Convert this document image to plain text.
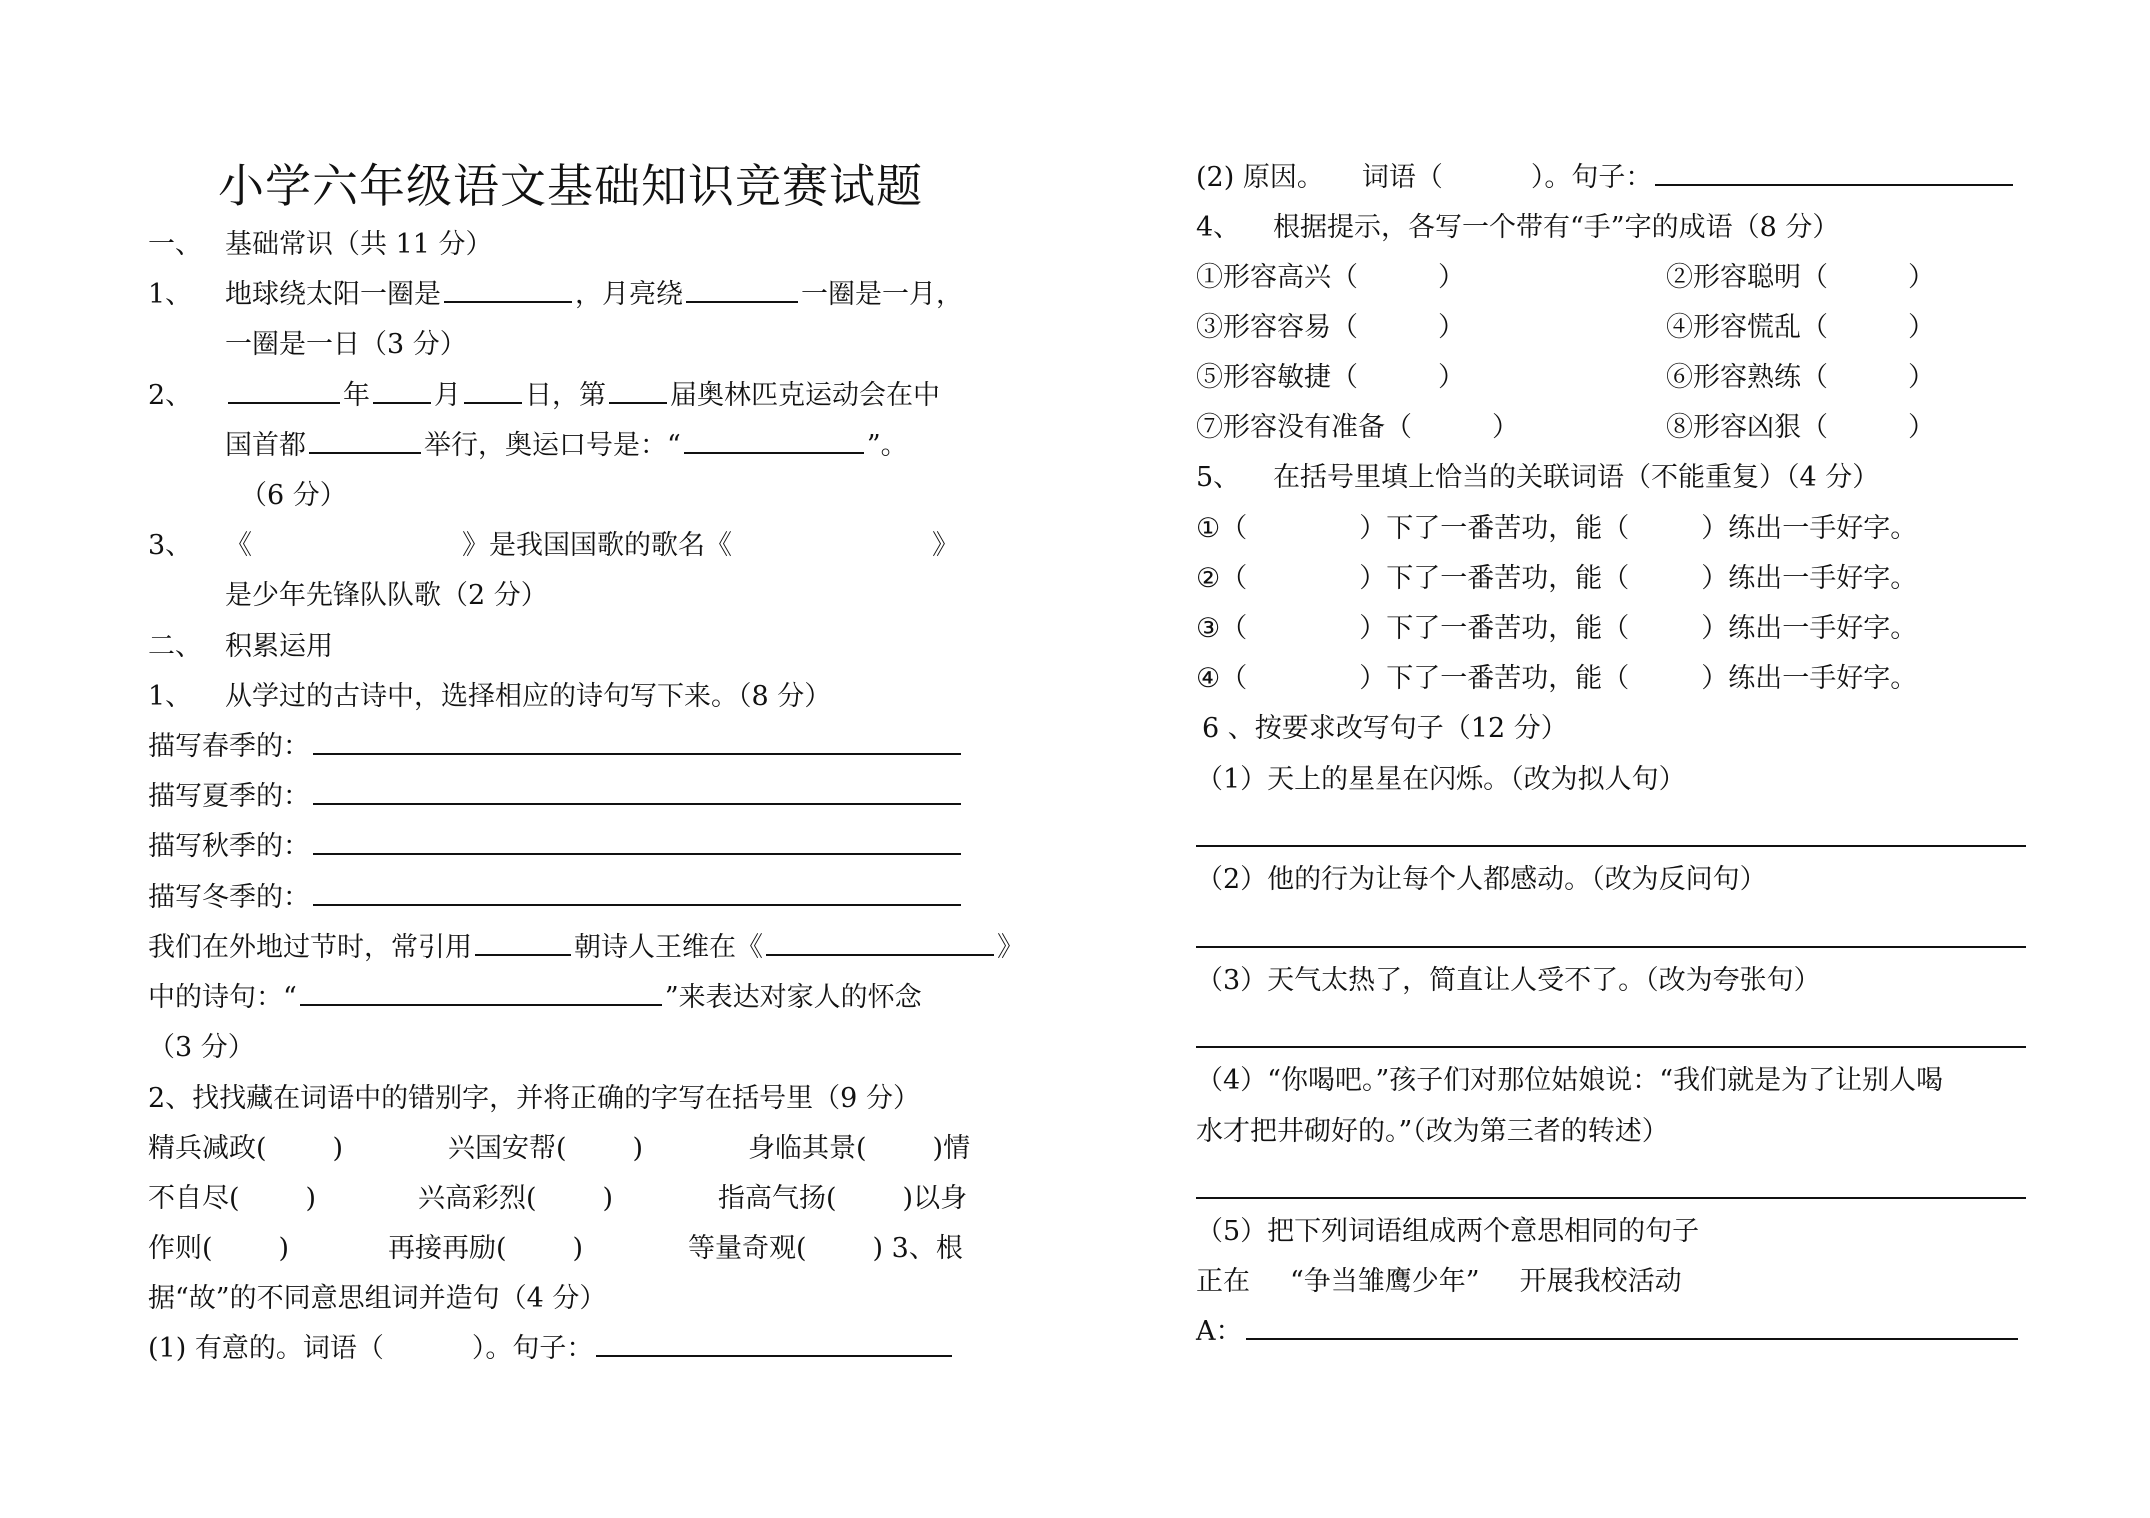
小学六年级语文基础知识竞赛试题
一、 基础常识（共 11 分）
1、 地球绕太阳一圈是	，月亮绕	一圈是一月，
一圈是一日（3 分）
2、	年 月 日，第 届奥林匹克运动会在中
国首都	举行，奥运口号是：“	”。
（6 分）
3、 《	》是我国国歌的歌名《	》
是少年先锋队队歌（2 分）
二、 积累运用
1、 从学过的古诗中，选择相应的诗句写下来。（8 分）
描写春季的：
描写夏季的：
描写秋季的：
描写冬季的：
我们在外地过节时，常引用	朝诗人王维在《	》
中的诗句：“	”来表达对家人的怀念
（3 分）
2、找找藏在词语中的错别字，并将正确的字写在括号里（9 分）
精兵减政( )	兴国安帮( )	身临其景( )情
不自尽( )	兴高彩烈( )	指高气扬( )以身
作则( )	再接再励( )	等量奇观( ) 3、根
据“故”的不同意思组词并造句（4 分）
(1) 有意的。词语（	）。句子：
(2) 原因。 词语（	）。句子：
4、 根据提示，各写一个带有“手”字的成语（8 分）
①形容高兴（	）	②形容聪明（	）
③形容容易（	）	④形容慌乱（	）
⑤形容敏捷（	）	⑥形容熟练（	）
⑦形容没有准备（	）	⑧形容凶狠（	）
5、 在括号里填上恰当的关联词语（不能重复）（4 分）
①（	）下了一番苦功，能（	）练出一手好字。
②（	）下了一番苦功，能（	）练出一手好字。
③（	）下了一番苦功，能（	）练出一手好字。
④（	）下了一番苦功，能（	）练出一手好字。
6 、按要求改写句子（12 分）
（1）天上的星星在闪烁。（改为拟人句）
（2）他的行为让每个人都感动。（改为反问句）
（3）天气太热了，简直让人受不了。（改为夸张句）
（4）“你喝吧。”孩子们对那位姑娘说：“我们就是为了让别人喝
水才把井砌好的。”（改为第三者的转述）
（5）把下列词语组成两个意思相同的句子
正在 “争当雏鹰少年” 开展我校活动
A：
